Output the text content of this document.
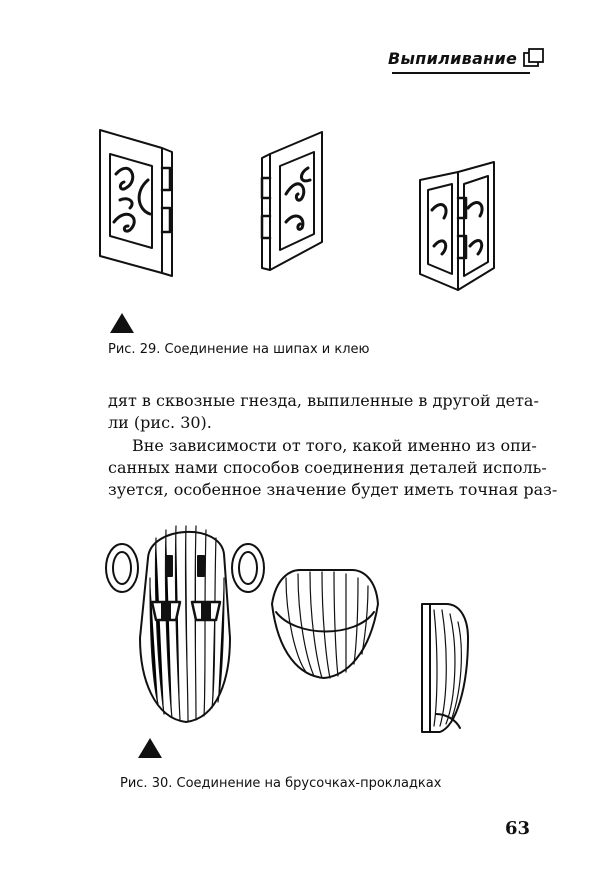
Выпиливание
Рис. 29. Соединение на шипах и клею
дят в сквозные гнезда, выпиленные в другой дета-
ли (рис. 30).
Вне зависимости от того, какой именно из опи-
санных нами способов соединения деталей исполь-
зуется, особенное значение будет иметь точная раз-
Рис. 30. Соединение на брусочках-прокладках
63
